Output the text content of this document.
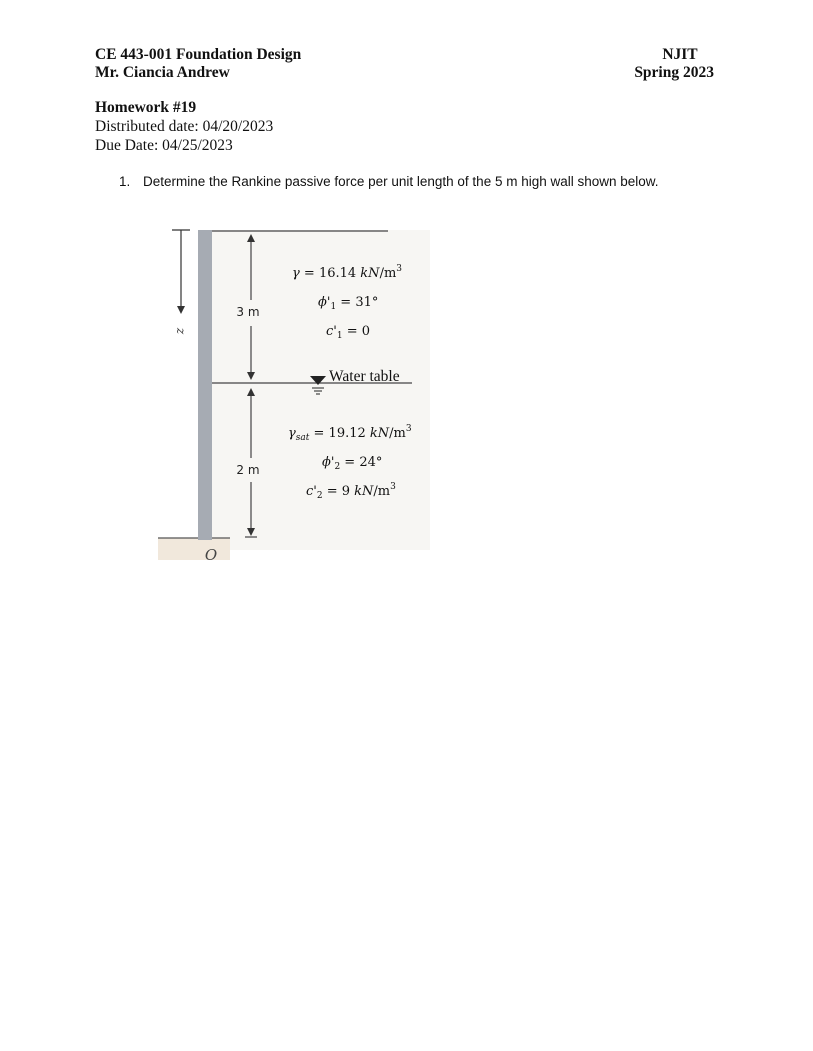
CE 443-001 Foundation Design
Mr. Ciancia Andrew
NJIT
Spring 2023
Homework #19
Distributed date: 04/20/2023
Due Date: 04/25/2023
1. Determine the Rankine passive force per unit length of the 5 m high wall shown below.
z
3 m
2 m
O
γ = 16.14 $kN/m^3$
$\phi'_1 = 31^\circ$
$c'_1 = 0$
Water table
$\gamma_{sat} = 19.12$ $kN/m^3$
$\phi'_2 = 24^\circ$
$c'_2 = 9$ $kN/m^3$
